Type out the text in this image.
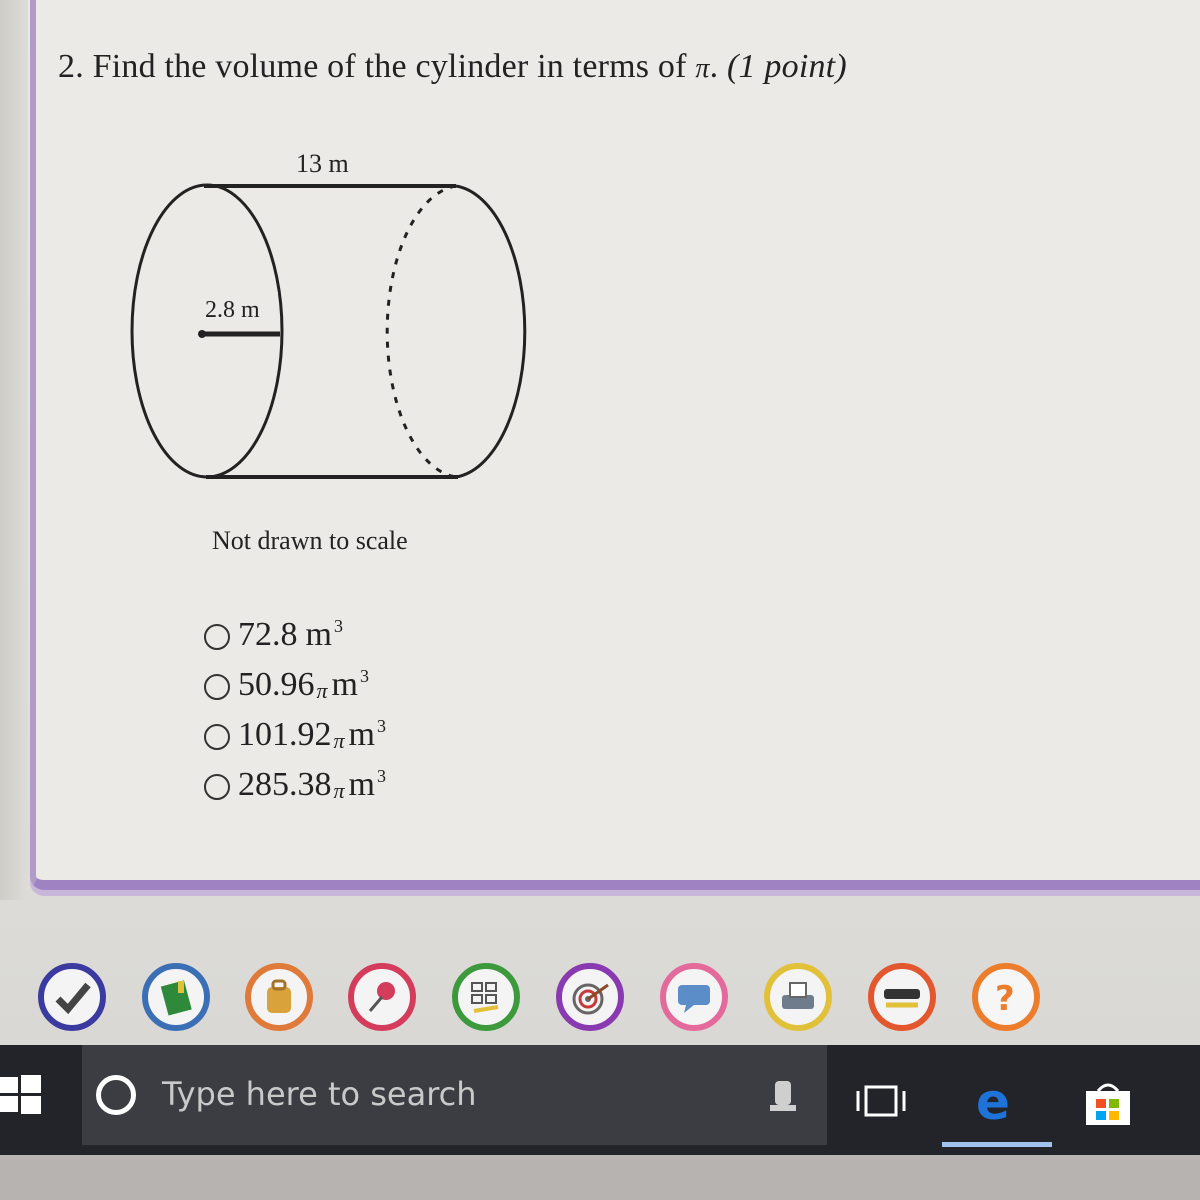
2. Find the volume of the cylinder in terms of π. (1 point)
2.8 m
13 m
Not drawn to scale
72.8 $m^3$
50.96 π $m^3$
101.92 π $m^3$
285.38 π $m^3$
?
Type here to search	e
